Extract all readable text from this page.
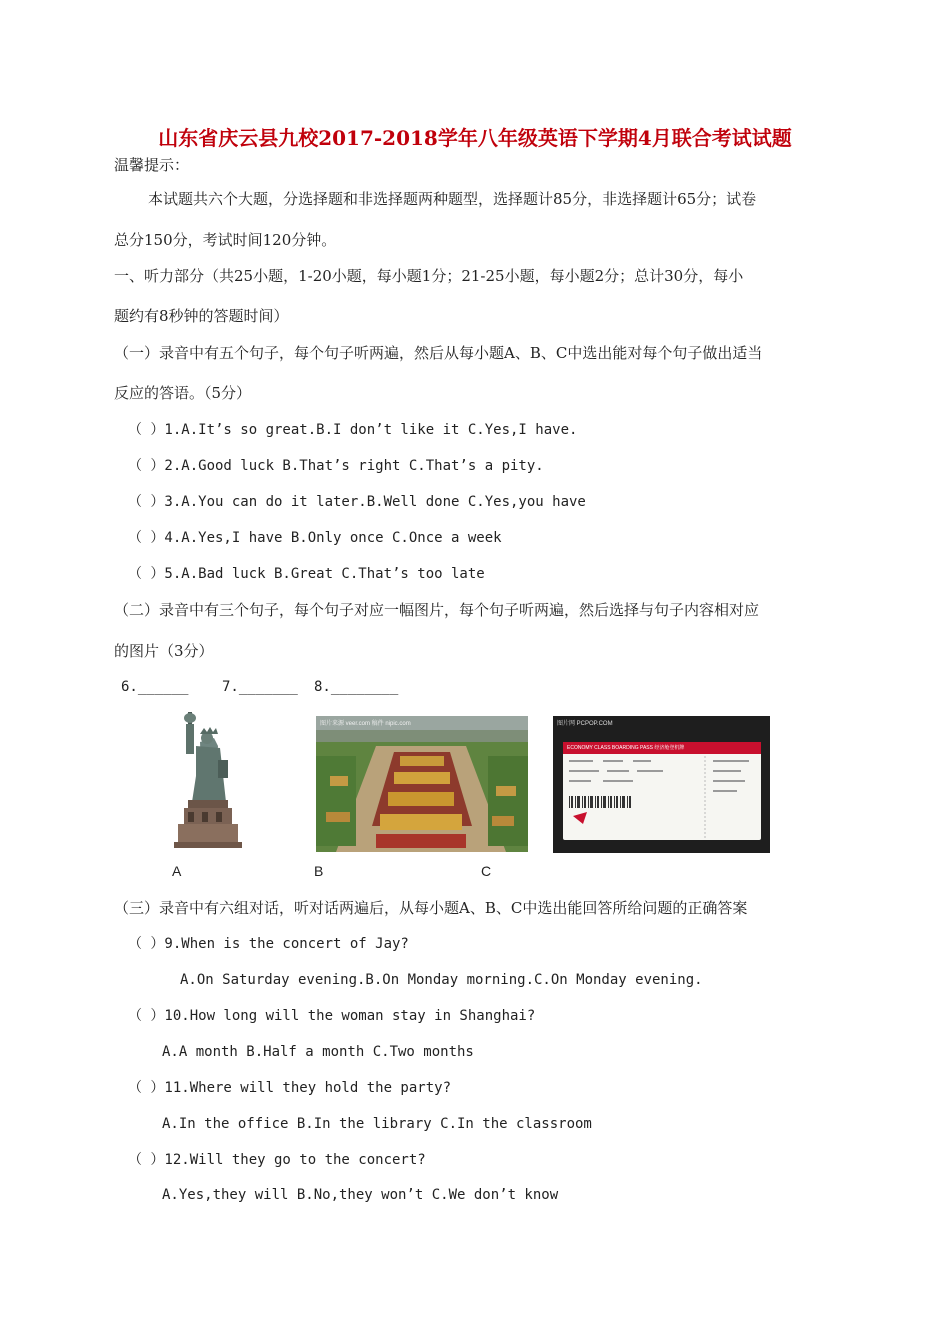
山东省庆云县九校2017-2018学年八年级英语下学期4月联合考试试题
温馨提示：
本试题共六个大题，分选择题和非选择题两种题型，选择题计85分，非选择题计65分；试卷
总分150分，考试时间120分钟。
一、听力部分（共25小题，1-20小题，每小题1分；21-25小题，每小题2分；总计30分，每小
题约有8秒钟的答题时间）
（一）录音中有五个句子，每个句子听两遍，然后从每小题A、B、C中选出能对每个句子做出适当
反应的答语。（5分）
（ ）1.A.It’s so great.B.I don’t like it C.Yes,I have.
（ ）2.A.Good luck B.That’s right C.That’s a pity.
（ ）3.A.You can do it later.B.Well done C.Yes,you have
（ ）4.A.Yes,I have B.Only once C.Once a week
（ ）5.A.Bad luck B.Great C.That’s too late
（二）录音中有三个句子，每个句子对应一幅图片，每个句子听两遍，然后选择与句子内容相对应
的图片（3分）
6.______ 7._______ 8.________
图片来源 veer.com 稿件 nipic.com	图片网 PCPOP.COM
ECONOMY CLASS BOARDING PASS 经济舱登机牌
A	B	C
（三）录音中有六组对话，听对话两遍后，从每小题A、B、C中选出能回答所给问题的正确答案
（ ）9.When is the concert of Jay?
A.On Saturday evening.B.On Monday morning.C.On Monday evening.
（ ）10.How long will the woman stay in Shanghai?
A.A month B.Half a month C.Two months
（ ）11.Where will they hold the party?
A.In the office B.In the library C.In the classroom
（ ）12.Will they go to the concert?
A.Yes,they will B.No,they won’t C.We don’t know
